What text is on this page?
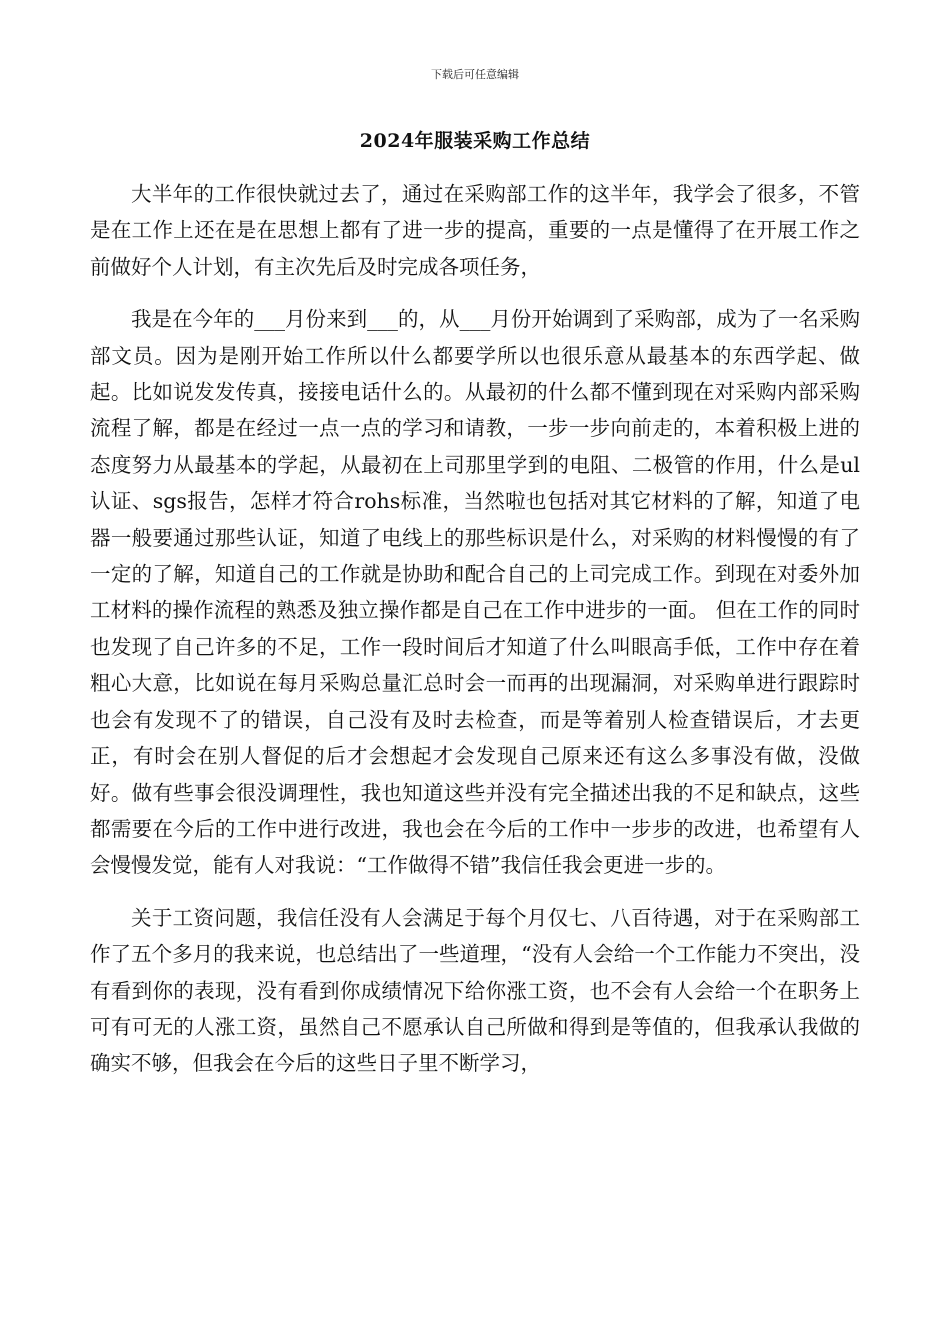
下载后可任意编辑
2024年服装采购工作总结

大半年的工作很快就过去了，通过在采购部工作的这半年，我学会了很多，不管是在工作上还在是在思想上都有了进一步的提高，重要的一点是懂得了在开展工作之前做好个人计划，有主次先后及时完成各项任务，

我是在今年的___月份来到___的，从___月份开始调到了采购部，成为了一名采购部文员。因为是刚开始工作所以什么都要学所以也很乐意从最基本的东西学起、做起。比如说发发传真，接接电话什么的。从最初的什么都不懂到现在对采购内部采购流程了解，都是在经过一点一点的学习和请教，一步一步向前走的，本着积极上进的态度努力从最基本的学起，从最初在上司那里学到的电阻、二极管的作用，什么是ul认证、sgs报告，怎样才符合rohs标准，当然啦也包括对其它材料的了解，知道了电器一般要通过那些认证，知道了电线上的那些标识是什么，对采购的材料慢慢的有了一定的了解，知道自己的工作就是协助和配合自己的上司完成工作。到现在对委外加工材料的操作流程的熟悉及独立操作都是自己在工作中进步的一面。 但在工作的同时也发现了自己许多的不足，工作一段时间后才知道了什么叫眼高手低，工作中存在着粗心大意，比如说在每月采购总量汇总时会一而再的出现漏洞，对采购单进行跟踪时也会有发现不了的错误，自己没有及时去检查，而是等着别人检查错误后，才去更正，有时会在别人督促的后才会想起才会发现自己原来还有这么多事没有做，没做好。做有些事会很没调理性，我也知道这些并没有完全描述出我的不足和缺点，这些都需要在今后的工作中进行改进，我也会在今后的工作中一步步的改进，也希望有人会慢慢发觉，能有人对我说：“工作做得不错”我信任我会更进一步的。

关于工资问题，我信任没有人会满足于每个月仅七、八百待遇，对于在采购部工作了五个多月的我来说，也总结出了一些道理，“没有人会给一个工作能力不突出，没有看到你的表现，没有看到你成绩情况下给你涨工资，也不会有人会给一个在职务上可有可无的人涨工资，虽然自己不愿承认自己所做和得到是等值的，但我承认我做的确实不够，但我会在今后的这些日子里不断学习，
